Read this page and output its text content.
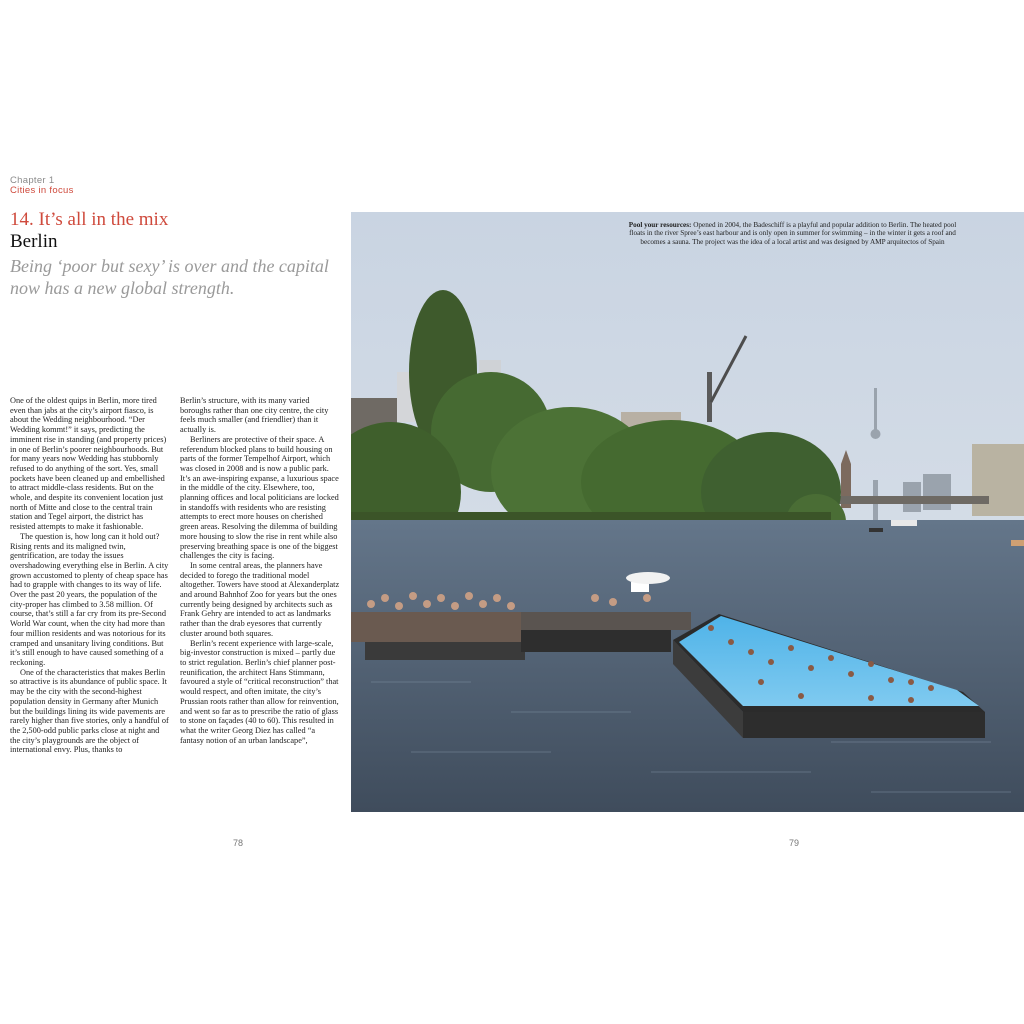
Chapter 1
Cities in focus
14. It’s all in the mix
Berlin
Being ‘poor but sexy’ is over and the capital now has a new global strength.

One of the oldest quips in Berlin, more tired even than jabs at the city’s airport fiasco, is about the Wedding neighbourhood. “Der Wedding kommt!” it says, predicting the imminent rise in standing (and property prices) in one of Berlin’s poorer neighbourhoods. But for many years now Wedding has stubbornly refused to do anything of the sort. Yes, small pockets have been cleaned up and embellished to attract middle-class residents. But on the whole, and despite its convenient location just north of Mitte and close to the central train station and Tegel airport, the district has resisted attempts to make it fashionable.

The question is, how long can it hold out? Rising rents and its maligned twin, gentrification, are today the issues overshadowing everything else in Berlin. A city grown accustomed to plenty of cheap space has had to grapple with changes to its way of life. Over the past 20 years, the population of the city-proper has climbed to 3.58 million. Of course, that’s still a far cry from its pre-Second World War count, when the city had more than four million residents and was notorious for its cramped and unsanitary living conditions. But it’s still enough to have caused something of a reckoning.

One of the characteristics that makes Berlin so attractive is its abundance of public space. It may be the city with the second-highest population density in Germany after Munich but the buildings lining its wide pavements are rarely higher than five stories, only a handful of the 2,500-odd public parks close at night and the city’s playgrounds are the object of international envy. Plus, thanks to

Berlin’s structure, with its many varied boroughs rather than one city centre, the city feels much smaller (and friendlier) than it actually is.

Berliners are protective of their space. A referendum blocked plans to build housing on parts of the former Tempelhof Airport, which was closed in 2008 and is now a public park. It’s an awe-inspiring expanse, a luxurious space in the middle of the city. Elsewhere, too, planning offices and local politicians are locked in standoffs with residents who are resisting attempts to erect more houses on cherished green areas. Resolving the dilemma of building more housing to slow the rise in rent while also preserving breathing space is one of the biggest challenges the city is facing.

In some central areas, the planners have decided to forego the traditional model altogether. Towers have stood at Alexanderplatz and around Bahnhof Zoo for years but the ones currently being designed by architects such as Frank Gehry are intended to act as landmarks rather than the drab eyesores that currently cluster around both squares.

Berlin’s recent experience with large-scale, big-investor construction is mixed – partly due to strict regulation. Berlin’s chief planner post-reunification, the architect Hans Stimmann, favoured a style of “critical reconstruction” that would respect, and often imitate, the city’s Prussian roots rather than allow for reinvention, and went so far as to prescribe the ratio of glass to stone on façades (40 to 60). This resulted in what the writer Georg Diez has called “a fantasy notion of an urban landscape”,

Pool your resources: Opened in 2004, the Badeschiff is a playful and popular addition to Berlin. The heated pool floats in the river Spree’s east harbour and is only open in summer for swimming – in the winter it gets a roof and becomes a sauna. The project was the idea of a local artist and was designed by AMP arquitectos of Spain
78	79
